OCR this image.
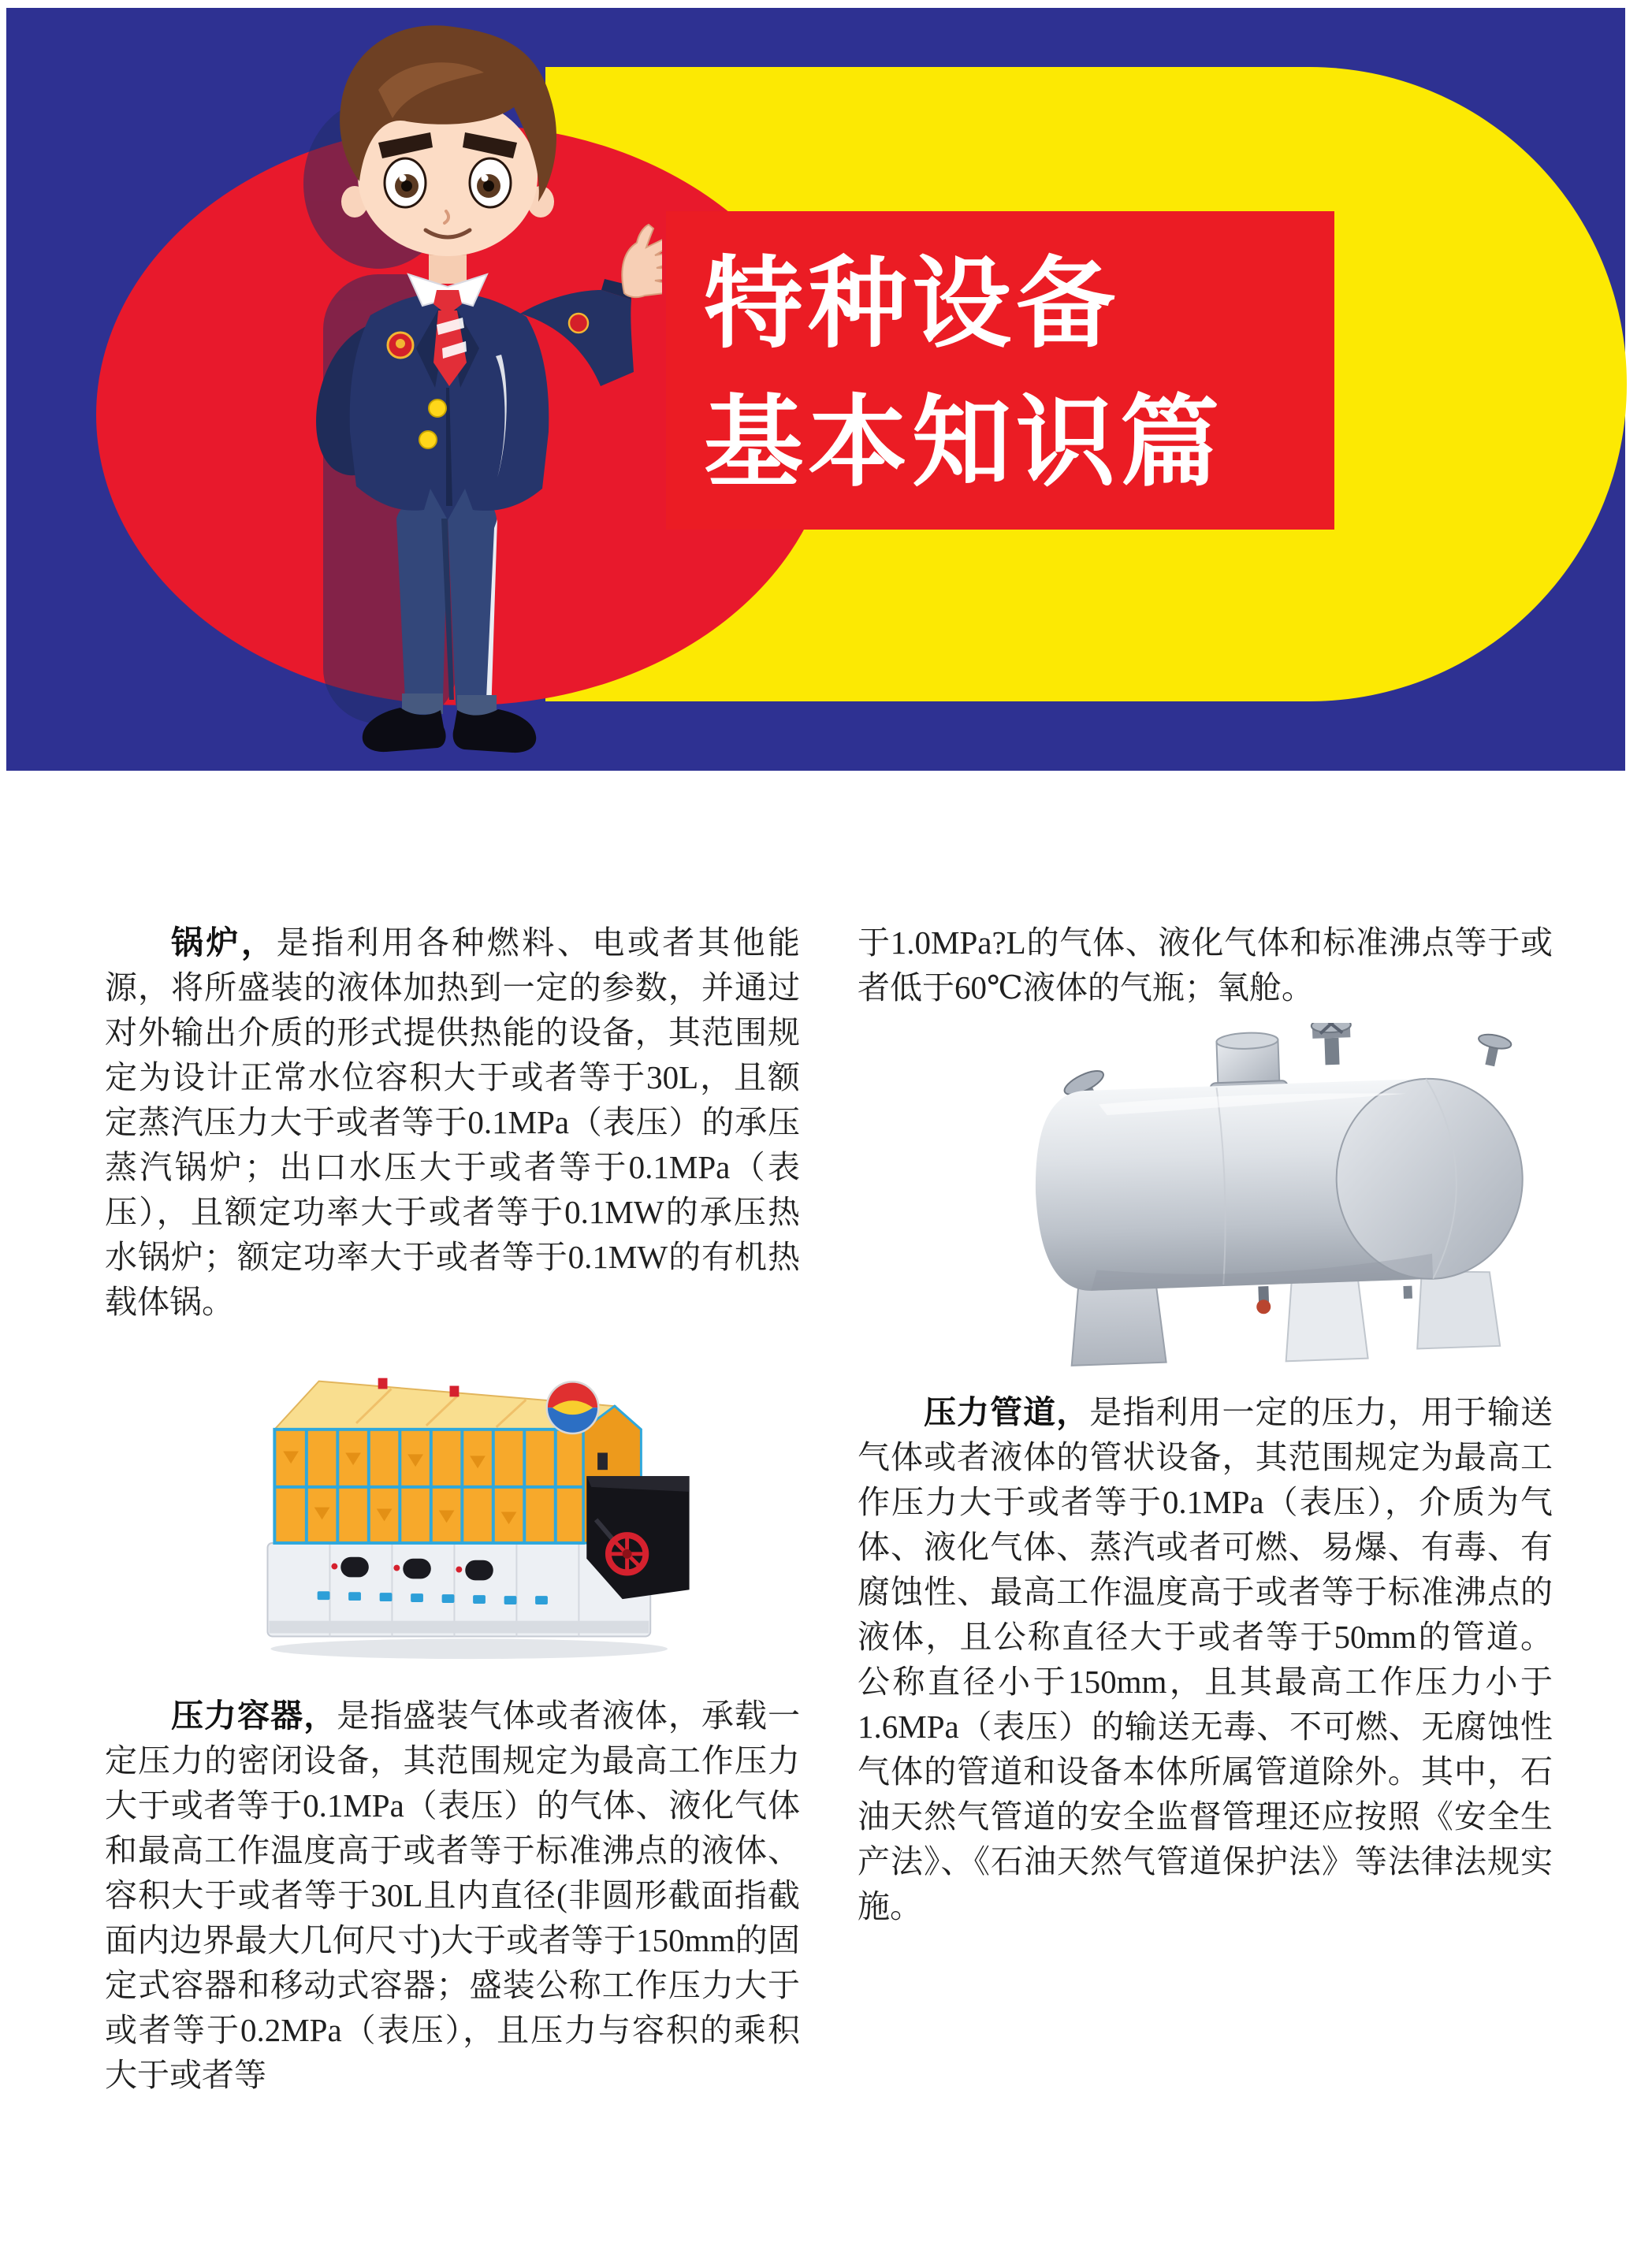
特种设备
基本知识篇

锅炉，是指利用各种燃料、电或者其他能源，将所盛装的液体加热到一定的参数，并通过对外输出介质的形式提供热能的设备，其范围规定为设计正常水位容积大于或者等于30L，且额定蒸汽压力大于或者等于0.1MPa（表压）的承压蒸汽锅炉；出口水压大于或者等于0.1MPa（表压），且额定功率大于或者等于0.1MW的承压热水锅炉；额定功率大于或者等于0.1MW的有机热载体锅。

压力容器，是指盛装气体或者液体，承载一定压力的密闭设备，其范围规定为最高工作压力大于或者等于0.1MPa（表压）的气体、液化气体和最高工作温度高于或者等于标准沸点的液体、容积大于或者等于30L且内直径(非圆形截面指截面内边界最大几何尺寸)大于或者等于150mm的固定式容器和移动式容器；盛装公称工作压力大于或者等于0.2MPa（表压），且压力与容积的乘积大于或者等

于1.0MPa?L的气体、液化气体和标准沸点等于或者低于60℃液体的气瓶；氧舱。

压力管道，是指利用一定的压力，用于输送气体或者液体的管状设备，其范围规定为最高工作压力大于或者等于0.1MPa（表压），介质为气体、液化气体、蒸汽或者可燃、易爆、有毒、有腐蚀性、最高工作温度高于或者等于标准沸点的液体，且公称直径大于或者等于50mm的管道。公称直径小于150mm，且其最高工作压力小于1.6MPa（表压）的输送无毒、不可燃、无腐蚀性气体的管道和设备本体所属管道除外。其中，石油天然气管道的安全监督管理还应按照《安全生产法》、《石油天然气管道保护法》等法律法规实施。
